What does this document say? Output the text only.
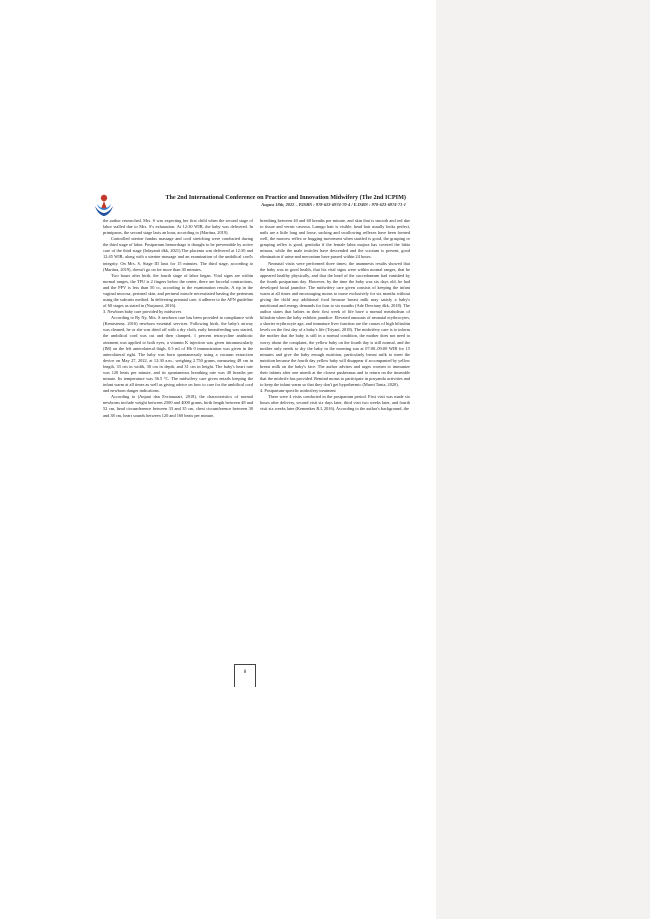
The 2nd International Conference on Practice and Innovation Midwifery (The 2nd ICPIM)
August 18th, 2022 – P.ISBN : 978-623-6974-70-4 / E.ISBN : 978-623-6974-71-1

the author researched, Mrs. S was expecting her first child when the second stage of labor stalled due to Mrs. S's exhaustion. At 12:30 WIB, the baby was delivered. In primiparas, the second stage lasts an hour, according to (Martina, 2019).

Controlled uterine fundus massage and cord stretching were conducted during the third stage of labor. Postpartum hemorrhage is thought to be preventable by active care of the third stage (Irdayanti dkk, 2021).The placenta was delivered at 12:30 and 12:45 WIB, along with a uterine massage and an examination of the umbilical cord's integrity. On Mrs. S, Stage III lasts for 15 minutes. The third stage, according to (Martina, 2019), doesn't go on for more than 30 minutes.

Two hours after birth, the fourth stage of labor began. Vital signs are within normal ranges, the TFU is 2 fingers below the center, there are forceful contractions, and the PPV is less than 50 cc, according to the examination results. A rip in the vaginal mucosa, perineal skin, and perineal muscle necessitated hasting the perineum using the subcutis method. In delivering prenatal care, it adheres to the APN guideline of 60 stages as stated in (Nurjasmi, 2016).

3. Newborn baby care provided by midwives

According to By Ny, Mrs. S newborn care has been provided in compliance with (Kemisterna, 2016) newborn essential services. Following birth, the baby's airway was cleaned, he or she was dried off with a dry cloth, early breastfeeding was started, the umbilical cord was cut and then clamped, 1 percent tetracycline antibiotic ointment was applied to both eyes, a vitamin K injection was given intramuscularly (IM) on the left anterolateral thigh, 0.5 ml of Hb 0 immunization was given in the anterolateral right. The baby was born spontaneously using a vacuum extraction device on May 27, 2022, at 12:30 a.m., weighing 2.750 grams, measuring 48 cm in length, 33 cm in width, 30 cm in depth, and 31 cm in height. The baby's heart rate was 120 beats per minute, and its spontaneous breathing rate was 40 breaths per minute. Its temperature was 36.5 °C. The midwifery care given entails keeping the infant warm at all times as well as giving advice on how to care for the umbilical cord and newborn danger indications.

According to (Anjani dan Evrianasari, 2018), the characteristics of normal newborns include weight between 2500 and 4000 grams, birth length between 48 and 52 cm, head circumference between 33 and 35 cm, chest circumference between 30 and 38 cm, heart sounds between 120 and 160 beats per minute,

breathing between 40 and 60 breaths per minute, and skin that is smooth and red due to tissue and vernic caseosa. Lanugo hair is visible, head hair usually looks perfect, nails are a little long and loose, sucking and swallowing reflexes have been formed well, the morrow reflex or hugging movement when startled is good, the grasping or grasping reflex is good, genitalia if the female labia majora has covered the labia minora, while the male testicles have descended and the scrotum is present, good elimination if urine and meconium have passed within 24 hours.

Neonatal visits were performed three times; the anamnesis results showed that the baby was in good health, that his vital signs were within normal ranges, that he appeared healthy physically, and that the head of the succedaneum had vanished by the fourth postpartum day. However, by the time the baby was six days old, he had developed facial jaundice. The midwifery care given consists of keeping the infant warm at all times and encouraging moms to nurse exclusively for six months without giving the child any additional food because breast milk may satisfy a baby's nutritional and energy demands for four to six months (Ade Devriany dkk, 2018). The author states that babies in their first week of life have a normal metabolism of bilirubin when the baby exhibits jaundice. Elevated amounts of neonatal erythrocytes, a shorter erythrocyte age, and immature liver function are the causes of high bilirubin levels on the first day of a baby's life (Triyani, 2018). The midwifery care is to inform the mother that the baby is still in a normal condition, the mother does not need to worry about the complaint, the yellow baby on the fourth day is still normal, and the mother only needs to dry the baby in the morning sun at 07:00–09:00 WIB for 15 minutes and give the baby enough nutrition, particularly breast milk to meet the nutrition because the fourth day yellow baby will disappear if accompanied by yellow breast milk on the baby's face. The author advises and urges women to immunize their infants after one month at the closest puskesmas and to return on the timetable that the midwife has provided. Remind moms to participate in posyandu activities and to keep the infant warm so that they don't get hypothermic (Murni Tania, 2020).

4. Postpartum-specific midwifery treatment

There were 4 visits conducted in the postpartum period. First visit was made six hours after delivery, second visit six days later, third visit two weeks later, and fourth visit six weeks later (Kemenkes R.I, 2016). According to the author's background, the

8
